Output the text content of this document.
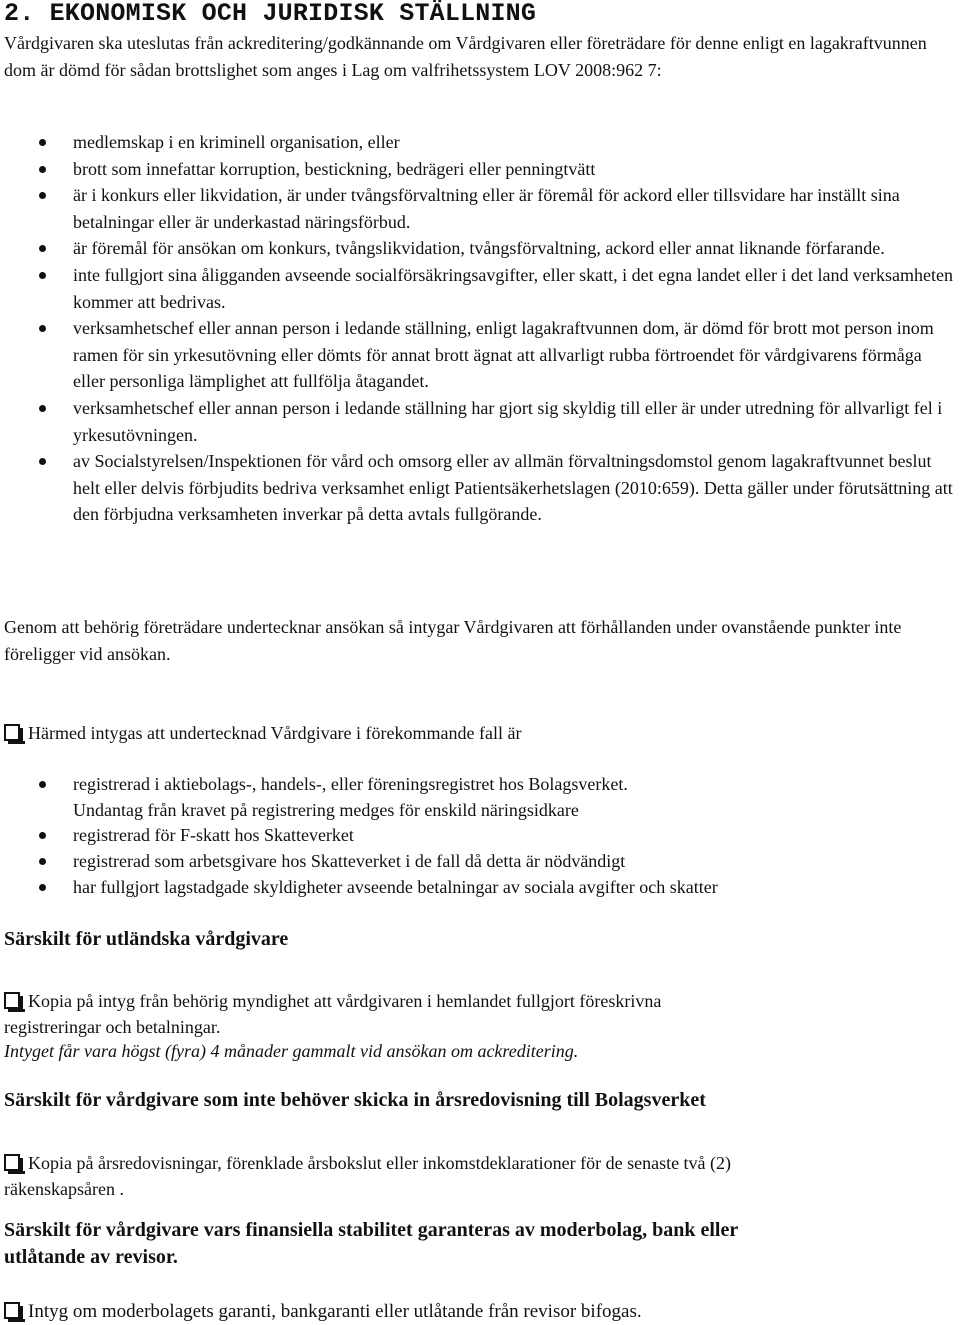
2. EKONOMISK OCH JURIDISK STÄLLNING

Vårdgivaren ska uteslutas från ackreditering/godkännande om Vårdgivaren eller företrädare för denne enligt en lagakraftvunnen dom är dömd för sådan brottslighet som anges i Lag om valfrihetssystem LOV 2008:962 7:

medlemskap i en kriminell organisation, eller
brott som innefattar korruption, bestickning, bedrägeri eller penningtvätt
är i konkurs eller likvidation, är under tvångsförvaltning eller är föremål för ackord eller tillsvidare har inställt sina betalningar eller är underkastad näringsförbud.
är föremål för ansökan om konkurs, tvångslikvidation, tvångsförvaltning, ackord eller annat liknande förfarande.
inte fullgjort sina åligganden avseende socialförsäkringsavgifter, eller skatt, i det egna landet eller i det land verksamheten kommer att bedrivas.
verksamhetschef eller annan person i ledande ställning, enligt lagakraftvunnen dom, är dömd för brott mot person inom ramen för sin yrkesutövning eller dömts för annat brott ägnat att allvarligt rubba förtroendet för vårdgivarens förmåga eller personliga lämplighet att fullfölja åtagandet.
verksamhetschef eller annan person i ledande ställning har gjort sig skyldig till eller är under utredning för allvarligt fel i yrkesutövningen.
av Socialstyrelsen/Inspektionen för vård och omsorg eller av allmän förvaltningsdomstol genom lagakraftvunnet beslut helt eller delvis förbjudits bedriva verksamhet enligt Patientsäkerhetslagen (2010:659). Detta gäller under förutsättning att den förbjudna verksamheten inverkar på detta avtals fullgörande.

Genom att behörig företrädare undertecknar ansökan så intygar Vårdgivaren att förhållanden under ovanstående punkter inte föreligger vid ansökan.

Härmed intygas att undertecknad Vårdgivare i förekommande fall är
registrerad i aktiebolags-, handels-, eller föreningsregistret hos Bolagsverket.
Undantag från kravet på registrering medges för enskild näringsidkare
registrerad för F-skatt hos Skatteverket
registrerad som arbetsgivare hos Skatteverket i de fall då detta är nödvändigt
har fullgjort lagstadgade skyldigheter avseende betalningar av sociala avgifter och skatter
Särskilt för utländska vårdgivare
Kopia på intyg från behörig myndighet att vårdgivaren i hemlandet fullgjort föreskrivna
registreringar och betalningar.

Intyget får vara högst (fyra) 4 månader gammalt vid ansökan om ackreditering.

Särskilt för vårdgivare som inte behöver skicka in årsredovisning till Bolagsverket
Kopia på årsredovisningar, förenklade årsbokslut eller inkomstdeklarationer för de senaste två (2)
räkenskapsåren .
Särskilt för vårdgivare vars finansiella stabilitet garanteras av moderbolag, bank eller
utlåtande av revisor.
Intyg om moderbolagets garanti, bankgaranti eller utlåtande från revisor bifogas.
